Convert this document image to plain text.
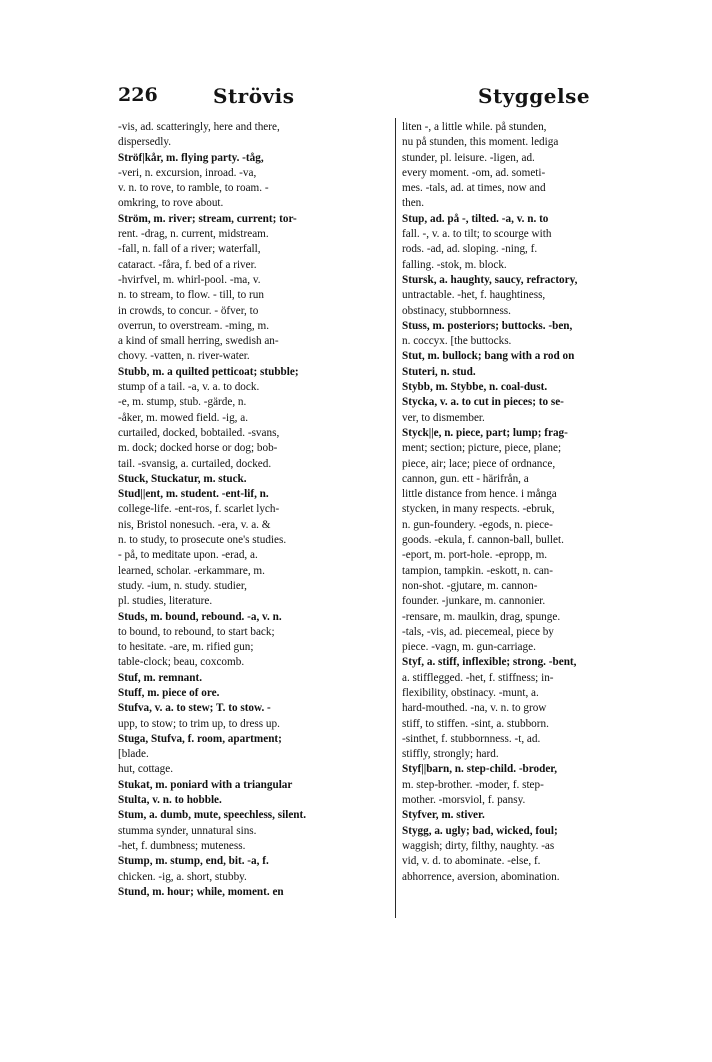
226	Strövis	Styggelse
-vis, ad. scatteringly, here and there,
dispersedly.
Ströf|kår, m. flying party. -tåg,
-veri, n. excursion, inroad. -va,
v. n. to rove, to ramble, to roam. -
omkring, to rove about.
Ström, m. river; stream, current; tor-
rent. -drag, n. current, midstream.
-fall, n. fall of a river; waterfall,
cataract. -fåra, f. bed of a river.
-hvirfvel, m. whirl-pool. -ma, v.
n. to stream, to flow. - till, to run
in crowds, to concur. - öfver, to
overrun, to overstream. -ming, m.
a kind of small herring, swedish an-
chovy. -vatten, n. river-water.
Stubb, m. a quilted petticoat; stubble;
stump of a tail. -a, v. a. to dock.
-e, m. stump, stub. -gärde, n.
-åker, m. mowed field. -ig, a.
curtailed, docked, bobtailed. -svans,
m. dock; docked horse or dog; bob-
tail. -svansig, a. curtailed, docked.
Stuck, Stuckatur, m. stuck.
Stud||ent, m. student. -ent-lif, n.
college-life. -ent-ros, f. scarlet lych-
nis, Bristol nonesuch. -era, v. a. &
n. to study, to prosecute one's studies.
- på, to meditate upon. -erad, a.
learned, scholar. -erkammare, m.
study. -ium, n. study. studier,
pl. studies, literature.
Studs, m. bound, rebound. -a, v. n.
to bound, to rebound, to start back;
to hesitate. -are, m. rified gun;
table-clock; beau, coxcomb.
Stuf, m. remnant.
Stuff, m. piece of ore.
Stufva, v. a. to stew; T. to stow. -
upp, to stow; to trim up, to dress up.
Stuga, Stufva, f. room, apartment;
[blade.
hut, cottage.
Stukat, m. poniard with a triangular
Stulta, v. n. to hobble.
Stum, a. dumb, mute, speechless, silent.
stumma synder, unnatural sins.
-het, f. dumbness; muteness.
Stump, m. stump, end, bit. -a, f.
chicken. -ig, a. short, stubby.
Stund, m. hour; while, moment. en
liten -, a little while. på stunden,
nu på stunden, this moment. lediga
stunder, pl. leisure. -ligen, ad.
every moment. -om, ad. someti-
mes. -tals, ad. at times, now and
then.
Stup, ad. på -, tilted. -a, v. n. to
fall. -, v. a. to tilt; to scourge with
rods. -ad, ad. sloping. -ning, f.
falling. -stok, m. block.
Stursk, a. haughty, saucy, refractory,
untractable. -het, f. haughtiness,
obstinacy, stubbornness.
Stuss, m. posteriors; buttocks. -ben,
n. coccyx. [the buttocks.
Stut, m. bullock; bang with a rod on
Stuteri, n. stud.
Stybb, m. Stybbe, n. coal-dust.
Stycka, v. a. to cut in pieces; to se-
ver, to dismember.
Styck||e, n. piece, part; lump; frag-
ment; section; picture, piece, plane;
piece, air; lace; piece of ordnance,
cannon, gun. ett - härifrån, a
little distance from hence. i många
stycken, in many respects. -ebruk,
n. gun-foundery. -egods, n. piece-
goods. -ekula, f. cannon-ball, bullet.
-eport, m. port-hole. -epropp, m.
tampion, tampkin. -eskott, n. can-
non-shot. -gjutare, m. cannon-
founder. -junkare, m. cannonier.
-rensare, m. maulkin, drag, spunge.
-tals, -vis, ad. piecemeal, piece by
piece. -vagn, m. gun-carriage.
Styf, a. stiff, inflexible; strong. -bent,
a. stifflegged. -het, f. stiffness; in-
flexibility, obstinacy. -munt, a.
hard-mouthed. -na, v. n. to grow
stiff, to stiffen. -sint, a. stubborn.
-sinthet, f. stubbornness. -t, ad.
stiffly, strongly; hard.
Styf||barn, n. step-child. -broder,
m. step-brother. -moder, f. step-
mother. -morsviol, f. pansy.
Styfver, m. stiver.
Stygg, a. ugly; bad, wicked, foul;
waggish; dirty, filthy, naughty. -as
vid, v. d. to abominate. -else, f.
abhorrence, aversion, abomination.
